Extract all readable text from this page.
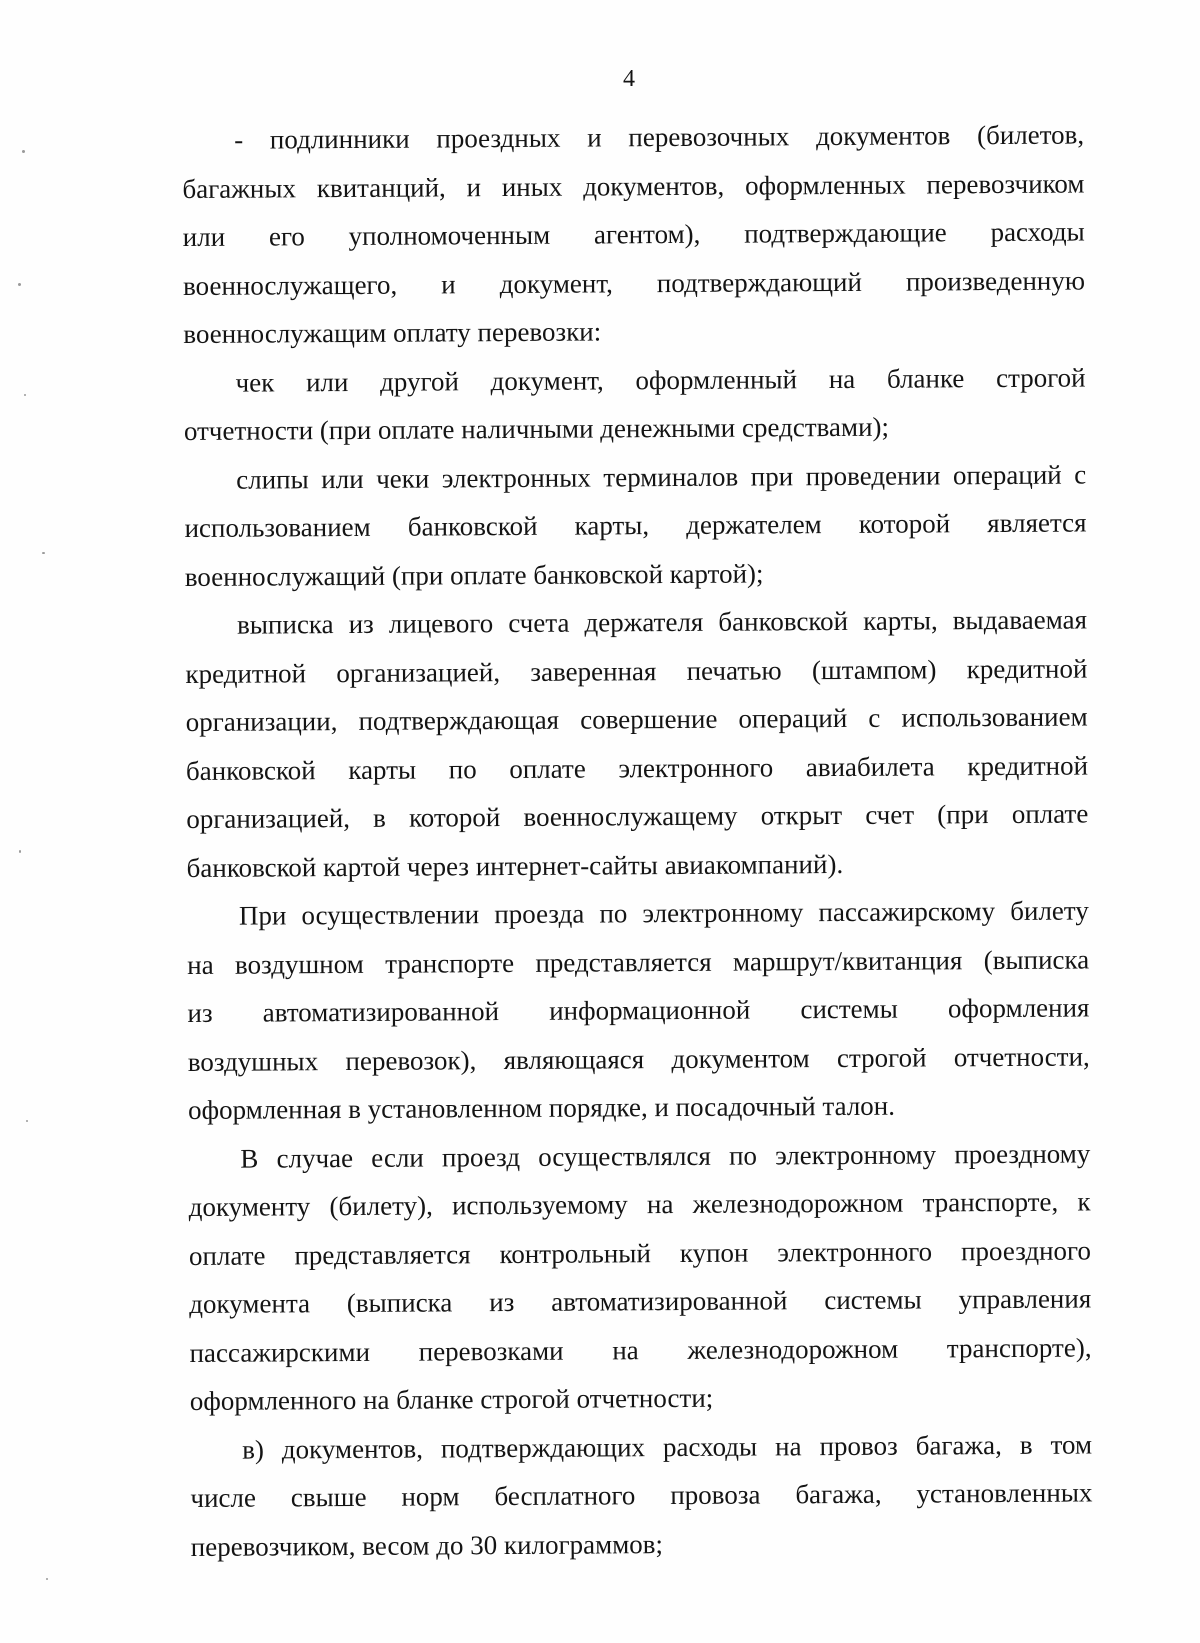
4
- подлинники проездных и перевозочных документов (билетов,
багажных квитанций, и иных документов, оформленных перевозчиком
или его уполномоченным агентом), подтверждающие расходы
военнослужащего, и документ, подтверждающий произведенную
военнослужащим оплату перевозки:
чек или другой документ, оформленный на бланке строгой
отчетности (при оплате наличными денежными средствами);
слипы или чеки электронных терминалов при проведении операций с
использованием банковской карты, держателем которой является
военнослужащий (при оплате банковской картой);
выписка из лицевого счета держателя банковской карты, выдаваемая
кредитной организацией, заверенная печатью (штампом) кредитной
организации, подтверждающая совершение операций с использованием
банковской карты по оплате электронного авиабилета кредитной
организацией, в которой военнослужащему открыт счет (при оплате
банковской картой через интернет-сайты авиакомпаний).
При осуществлении проезда по электронному пассажирскому билету
на воздушном транспорте представляется маршрут/квитанция (выписка
из автоматизированной информационной системы оформления
воздушных перевозок), являющаяся документом строгой отчетности,
оформленная в установленном порядке, и посадочный талон.
В случае если проезд осуществлялся по электронному проездному
документу (билету), используемому на железнодорожном транспорте, к
оплате представляется контрольный купон электронного проездного
документа (выписка из автоматизированной системы управления
пассажирскими перевозками на железнодорожном транспорте),
оформленного на бланке строгой отчетности;
в) документов, подтверждающих расходы на провоз багажа, в том
числе свыше норм бесплатного провоза багажа, установленных
перевозчиком, весом до 30 килограммов;
